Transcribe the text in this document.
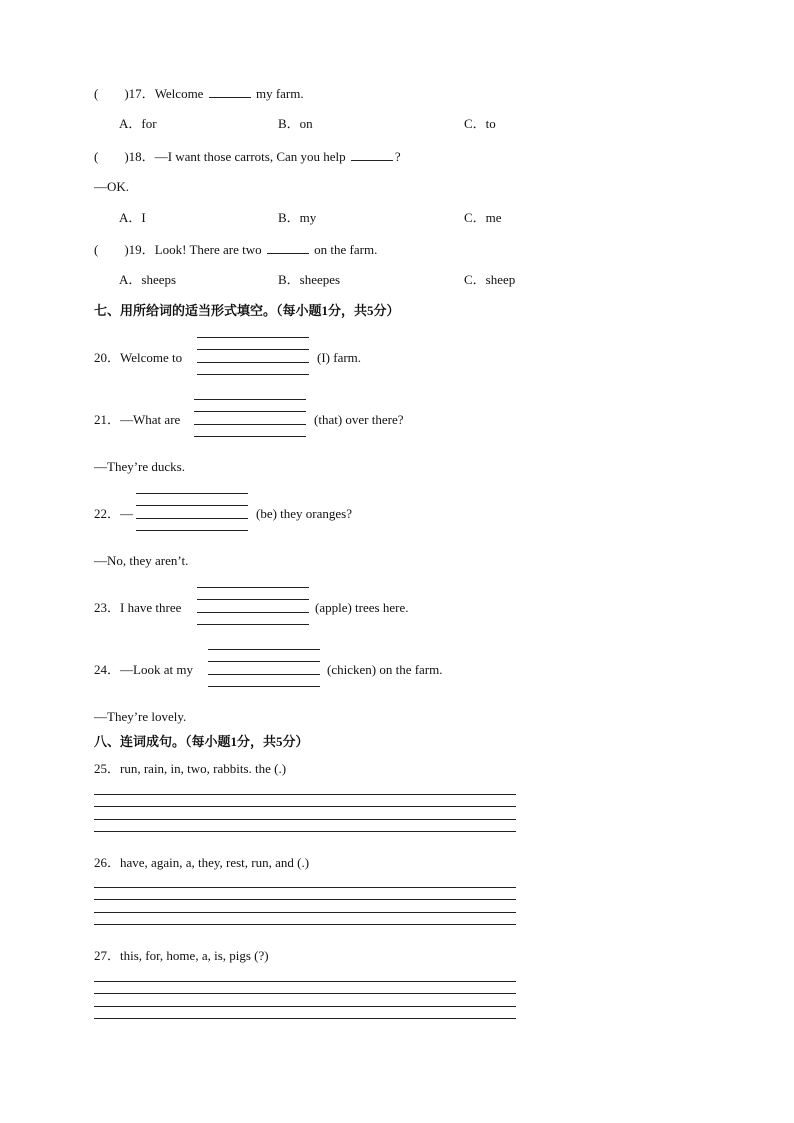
(　　)17．Welcome	my farm.
A．for	B．on	C．to
(　　)18．—I want those carrots, Can you help	?
—OK.
A．I	B．my	C．me
(　　)19．Look! There are two	on the farm.
A．sheeps	B．sheepes	C．sheep
七、用所给词的适当形式填空。（每小题1分，共5分）
20．Welcome to	(I) farm.
21．—What are	(that) over there?
—They’re ducks.
22．—	(be) they oranges?
—No, they aren’t.
23．I have three	(apple) trees here.
24．—Look at my	(chicken) on the farm.
—They’re lovely.
八、连词成句。（每小题1分，共5分）
25．run, rain, in, two, rabbits. the (.)
26．have, again, a, they, rest, run, and (.)
27．this, for, home, a, is, pigs (?)
